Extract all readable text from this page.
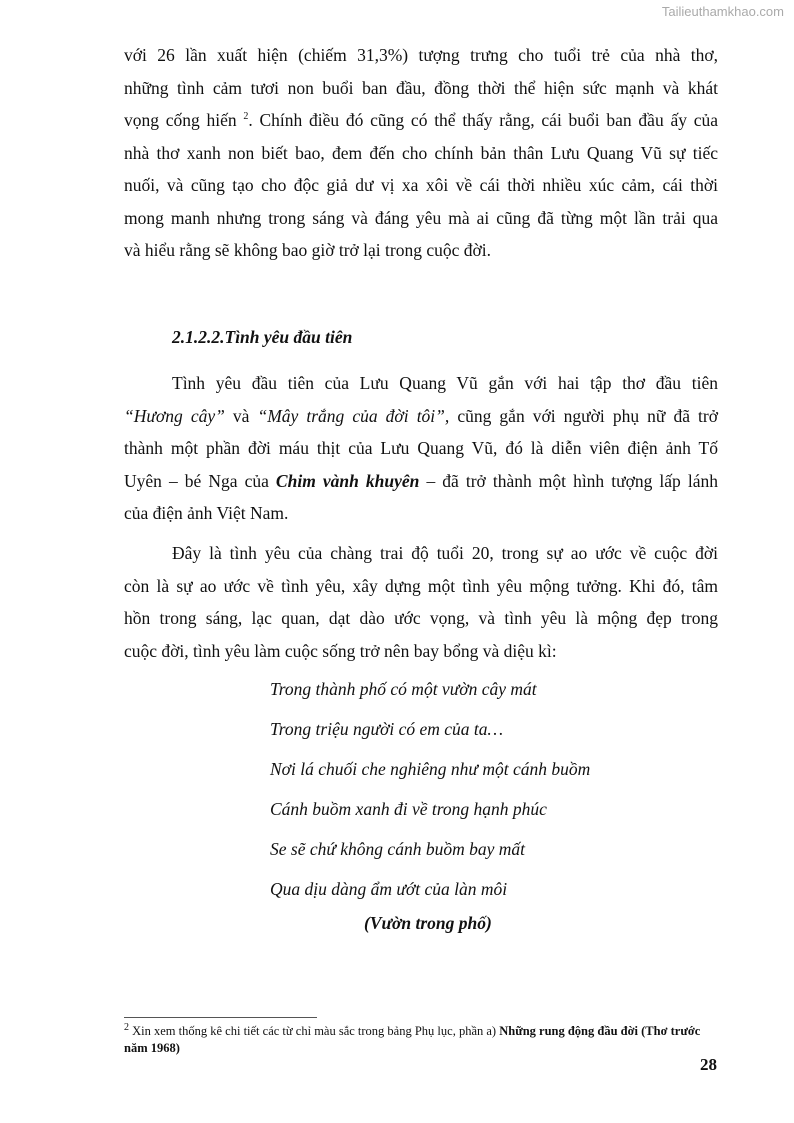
Tailieuthamkhao.com
với 26 lần xuất hiện (chiếm 31,3%) tượng trưng cho tuổi trẻ của nhà thơ,
những tình cảm tươi non buổi ban đầu, đồng thời thể hiện sức mạnh và khát
vọng cống hiến $^2$. Chính điều đó cũng có thể thấy rằng, cái buổi ban đầu ấy của
nhà thơ xanh non biết bao, đem đến cho chính bản thân Lưu Quang Vũ sự tiếc
nuối, và cũng tạo cho độc giả dư vị xa xôi về cái thời nhiều xúc cảm, cái thời
mong manh nhưng trong sáng và đáng yêu mà ai cũng đã từng một lần trải qua
và hiểu rằng sẽ không bao giờ trở lại trong cuộc đời.
2.1.2.2.Tình yêu đầu tiên
Tình yêu đầu tiên của Lưu Quang Vũ gắn với hai tập thơ đầu tiên
“Hương cây” và “Mây trắng của đời tôi”, cũng gắn với người phụ nữ đã trở
thành một phần đời máu thịt của Lưu Quang Vũ, đó là diễn viên điện ảnh Tố
Uyên – bé Nga của Chim vành khuyên – đã trở thành một hình tượng lấp lánh
của điện ảnh Việt Nam.
Đây là tình yêu của chàng trai độ tuổi 20, trong sự ao ước về cuộc đời
còn là sự ao ước về tình yêu, xây dựng một tình yêu mộng tưởng. Khi đó, tâm
hồn trong sáng, lạc quan, dạt dào ước vọng, và tình yêu là mộng đẹp trong
cuộc đời, tình yêu làm cuộc sống trở nên bay bổng và diệu kì:
Trong thành phố có một vườn cây mát
Trong triệu người có em của ta…
Nơi lá chuối che nghiêng như một cánh buồm
Cánh buồm xanh đi về trong hạnh phúc
Se sẽ chứ không cánh buồm bay mất
Qua dịu dàng ẩm ướt của làn môi
(Vườn trong phố)
$^2$ Xin xem thống kê chi tiết các từ chỉ màu sắc trong bảng Phụ lục, phần a) Những rung động đầu đời (Thơ trước năm 1968)
28
